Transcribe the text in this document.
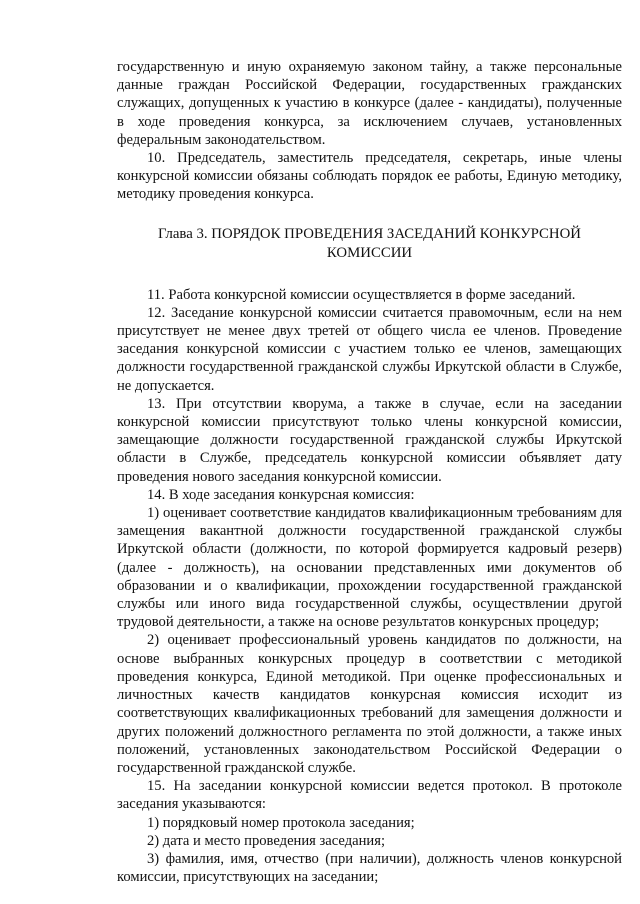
государственную и иную охраняемую законом тайну, а также персональные данные граждан Российской Федерации, государственных гражданских служащих, допущенных к участию в конкурсе (далее - кандидаты), полученные в ходе проведения конкурса, за исключением случаев, установленных федеральным законодательством.

10. Председатель, заместитель председателя, секретарь, иные члены конкурсной комиссии обязаны соблюдать порядок ее работы, Единую методику, методику проведения конкурса.

Глава 3. ПОРЯДОК ПРОВЕДЕНИЯ ЗАСЕДАНИЙ КОНКУРСНОЙ КОМИССИИ

11. Работа конкурсной комиссии осуществляется в форме заседаний.

12. Заседание конкурсной комиссии считается правомочным, если на нем присутствует не менее двух третей от общего числа ее членов. Проведение заседания конкурсной комиссии с участием только ее членов, замещающих должности государственной гражданской службы Иркутской области в Службе, не допускается.

13. При отсутствии кворума, а также в случае, если на заседании конкурсной комиссии присутствуют только члены конкурсной комиссии, замещающие должности государственной гражданской службы Иркутской области в Службе, председатель конкурсной комиссии объявляет дату проведения нового заседания конкурсной комиссии.

14. В ходе заседания конкурсная комиссия:

1) оценивает соответствие кандидатов квалификационным требованиям для замещения вакантной должности государственной гражданской службы Иркутской области (должности, по которой формируется кадровый резерв) (далее - должность), на основании представленных ими документов об образовании и о квалификации, прохождении государственной гражданской службы или иного вида государственной службы, осуществлении другой трудовой деятельности, а также на основе результатов конкурсных процедур;

2) оценивает профессиональный уровень кандидатов по должности, на основе выбранных конкурсных процедур в соответствии с методикой проведения конкурса, Единой методикой. При оценке профессиональных и личностных качеств кандидатов конкурсная комиссия исходит из соответствующих квалификационных требований для замещения должности и других положений должностного регламента по этой должности, а также иных положений, установленных законодательством Российской Федерации о государственной гражданской службе.

15. На заседании конкурсной комиссии ведется протокол. В протоколе заседания указываются:

1) порядковый номер протокола заседания;

2) дата и место проведения заседания;

3) фамилия, имя, отчество (при наличии), должность членов конкурсной комиссии, присутствующих на заседании;
